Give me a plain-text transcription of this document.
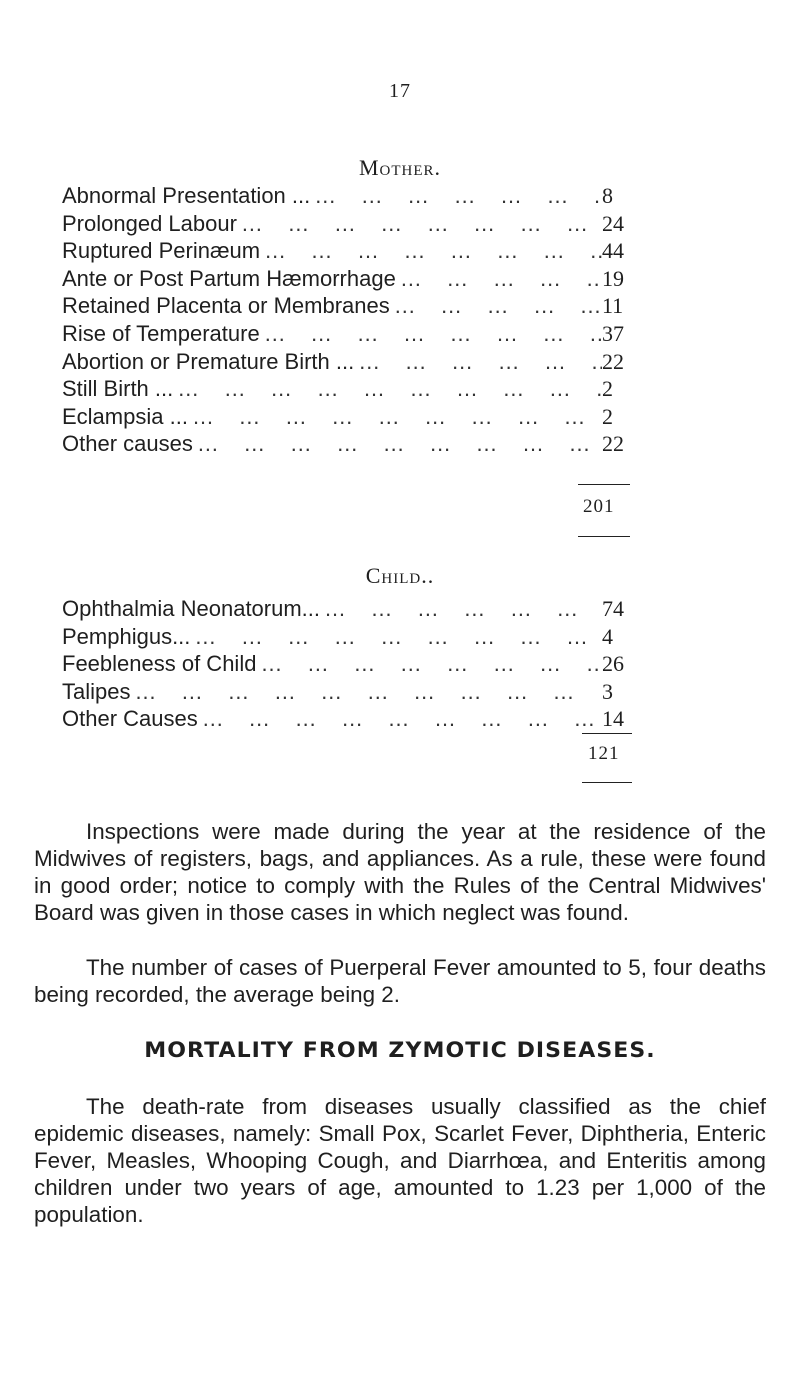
17
Mother.
Abnormal Presentation ... … … … … … … … … … … … … … … …	8
Prolonged Labour … … … … … … … … … … … … … … …	24
Ruptured Perinæum … … … … … … … … … … … … … … …	44
Ante or Post Partum Hæmorrhage … … … … … … … … … … … … … … …	19
Retained Placenta or Membranes … … … … … … … … … … … … … … …	11
Rise of Temperature … … … … … … … … … … … … … … …	37
Abortion or Premature Birth ... … … … … … … … … … … … … … … …	22
Still Birth ... … … … … … … … … … … … … … … …	2
Eclampsia ... … … … … … … … … … … … … … … …	2
Other causes … … … … … … … … … … … … … … …	22
201
Child..
Ophthalmia Neonatorum... … … … … … … … … … … … … … … …	74
Pemphigus... … … … … … … … … … … … … … … …	4
Feebleness of Child … … … … … … … … … … … … … … …	26
Talipes … … … … … … … … … … … … … … …	3
Other Causes … … … … … … … … … … … … … … …	14
121

Inspections were made during the year at the residence of the Midwives of registers, bags, and appliances. As a rule, these were found in good order; notice to comply with the Rules of the Central Midwives' Board was given in those cases in which neglect was found.

The number of cases of Puerperal Fever amounted to 5, four deaths being recorded, the average being 2.

MORTALITY FROM ZYMOTIC DISEASES.

The death-rate from diseases usually classified as the chief epidemic diseases, namely: Small Pox, Scarlet Fever, Diphtheria, Enteric Fever, Measles, Whooping Cough, and Diarrhœa, and Enteritis among children under two years of age, amounted to 1.23 per 1,000 of the population.
